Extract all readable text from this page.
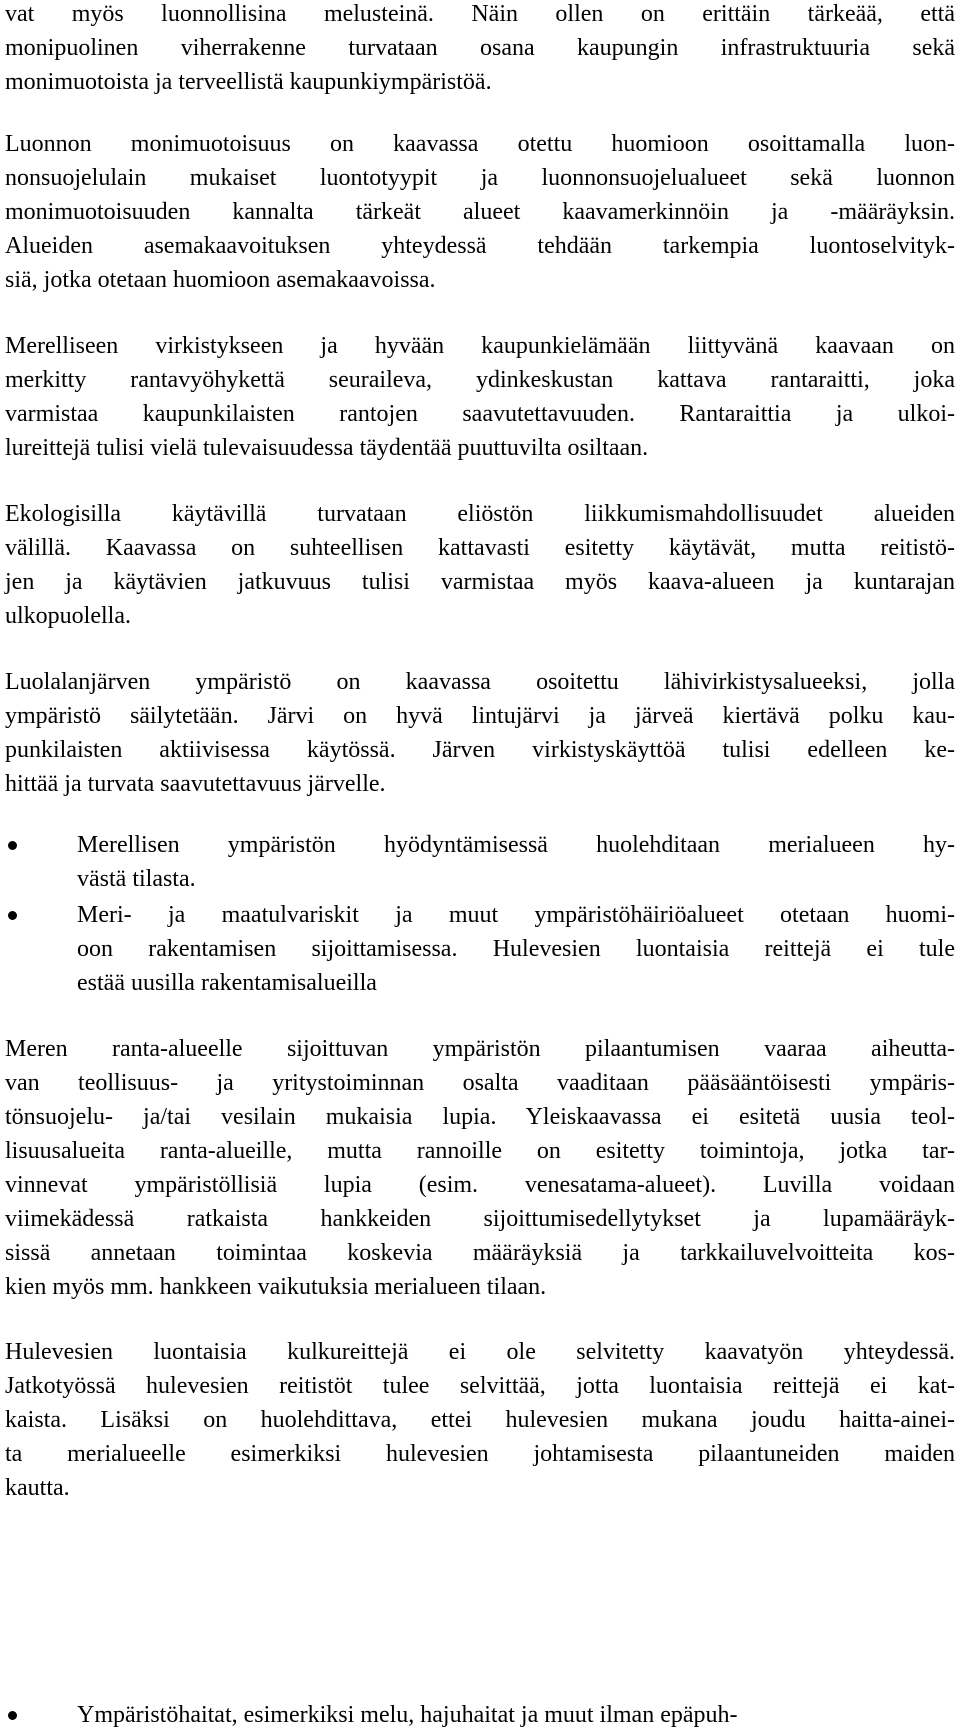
vat myös luonnollisina melusteinä. Näin ollen on erittäin tärkeää, että
monipuolinen viherrakenne turvataan osana kaupungin infrastruktuuria sekä
monimuotoista ja terveellistä kaupunkiympäristöä.
Luonnon monimuotoisuus on kaavassa otettu huomioon osoittamalla luon-
nonsuojelulain mukaiset luontotyypit ja luonnonsuojelualueet sekä luonnon
monimuotoisuuden kannalta tärkeät alueet kaavamerkinnöin ja -määräyksin.
Alueiden asemakaavoituksen yhteydessä tehdään tarkempia luontoselvityk-
siä, jotka otetaan huomioon asemakaavoissa.
Merelliseen virkistykseen ja hyvään kaupunkielämään liittyvänä kaavaan on
merkitty rantavyöhykettä seuraileva, ydinkeskustan kattava rantaraitti, joka
varmistaa kaupunkilaisten rantojen saavutettavuuden. Rantaraittia ja ulkoi-
lureittejä tulisi vielä tulevaisuudessa täydentää puuttuvilta osiltaan.
Ekologisilla käytävillä turvataan eliöstön liikkumismahdollisuudet alueiden
välillä. Kaavassa on suhteellisen kattavasti esitetty käytävät, mutta reitistö-
jen ja käytävien jatkuvuus tulisi varmistaa myös kaava-alueen ja kuntarajan
ulkopuolella.
Luolalanjärven ympäristö on kaavassa osoitettu lähivirkistysalueeksi, jolla
ympäristö säilytetään. Järvi on hyvä lintujärvi ja järveä kiertävä polku kau-
punkilaisten aktiivisessa käytössä. Järven virkistyskäyttöä tulisi edelleen ke-
hittää ja turvata saavutettavuus järvelle.
Merellisen ympäristön hyödyntämisessä huolehditaan merialueen hy-
västä tilasta.
Meri- ja maatulvariskit ja muut ympäristöhäiriöalueet otetaan huomi-
oon rakentamisen sijoittamisessa. Hulevesien luontaisia reittejä ei tule
estää uusilla rakentamisalueilla
Meren ranta-alueelle sijoittuvan ympäristön pilaantumisen vaaraa aiheutta-
van teollisuus- ja yritystoiminnan osalta vaaditaan pääsääntöisesti ympäris-
tönsuojelu- ja/tai vesilain mukaisia lupia. Yleiskaavassa ei esitetä uusia teol-
lisuusalueita ranta-alueille, mutta rannoille on esitetty toimintoja, jotka tar-
vinnevat ympäristöllisiä lupia (esim. venesatama-alueet). Luvilla voidaan
viimekädessä ratkaista hankkeiden sijoittumisedellytykset ja lupamääräyk-
sissä annetaan toimintaa koskevia määräyksiä ja tarkkailuvelvoitteita kos-
kien myös mm. hankkeen vaikutuksia merialueen tilaan.
Hulevesien luontaisia kulkureittejä ei ole selvitetty kaavatyön yhteydessä.
Jatkotyössä hulevesien reitistöt tulee selvittää, jotta luontaisia reittejä ei kat-
kaista. Lisäksi on huolehdittava, ettei hulevesien mukana joudu haitta-ainei-
ta merialueelle esimerkiksi hulevesien johtamisesta pilaantuneiden maiden
kautta.
Ympäristöhaitat, esimerkiksi melu, hajuhaitat ja muut ilman epäpuh-
